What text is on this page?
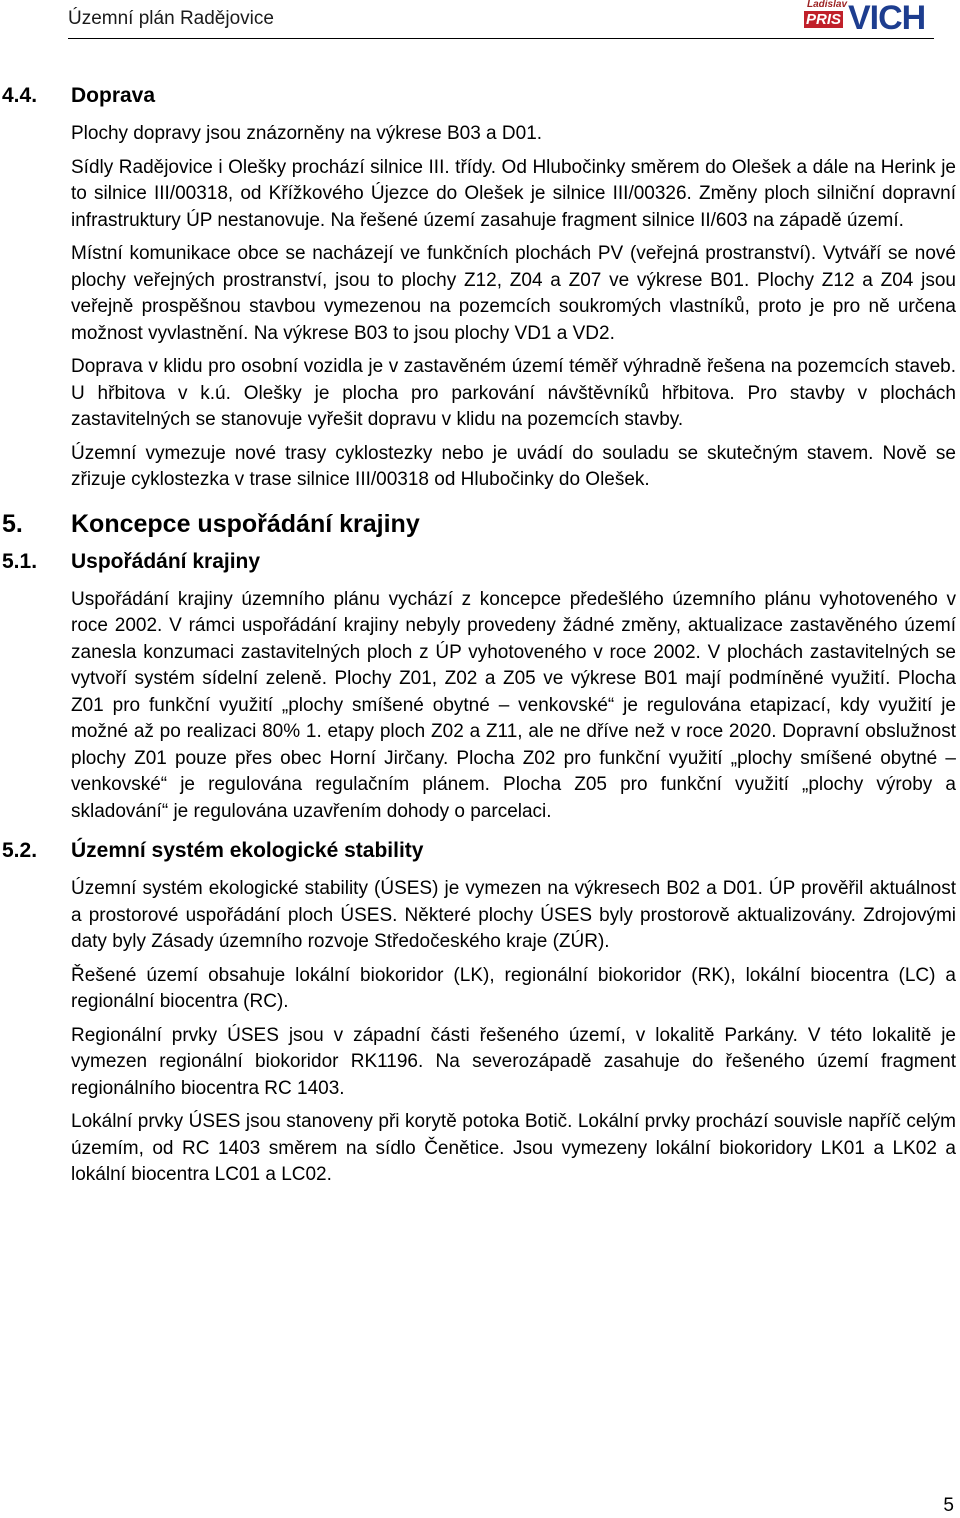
Územní plán Radějovice
Ladislav
PRIS VICH
4.4. Doprava

Plochy dopravy jsou znázorněny na výkrese B03 a D01.

Sídly Radějovice i Olešky prochází silnice III. třídy. Od Hlubočinky směrem do Olešek a dále na Herink je to silnice III/00318, od Křížkového Újezce do Olešek je silnice III/00326. Změny ploch silniční dopravní infrastruktury ÚP nestanovuje. Na řešené území zasahuje fragment silnice II/603 na západě území.

Místní komunikace obce se nacházejí ve funkčních plochách PV (veřejná prostranství). Vytváří se nové plochy veřejných prostranství, jsou to plochy Z12, Z04 a Z07 ve výkrese B01. Plochy Z12 a Z04 jsou veřejně prospěšnou stavbou vymezenou na pozemcích soukromých vlastníků, proto je pro ně určena možnost vyvlastnění. Na výkrese B03 to jsou plochy VD1 a VD2.

Doprava v klidu pro osobní vozidla je v zastavěném území téměř výhradně řešena na pozemcích staveb. U hřbitova v k.ú. Olešky je plocha pro parkování návštěvníků hřbitova. Pro stavby v plochách zastavitelných se stanovuje vyřešit dopravu v klidu na pozemcích stavby.

Územní vymezuje nové trasy cyklostezky nebo je uvádí do souladu se skutečným stavem. Nově se zřizuje cyklostezka v trase silnice III/00318 od Hlubočinky do Olešek.

5. Koncepce uspořádání krajiny
5.1. Uspořádání krajiny

Uspořádání krajiny územního plánu vychází z koncepce předešlého územního plánu vyhotoveného v roce 2002. V rámci uspořádání krajiny nebyly provedeny žádné změny, aktualizace zastavěného území zanesla konzumaci zastavitelných ploch z ÚP vyhotoveného v roce 2002. V plochách zastavitelných se vytvoří systém sídelní zeleně. Plochy Z01, Z02 a Z05 ve výkrese B01 mají podmíněné využití. Plocha Z01 pro funkční využití „plochy smíšené obytné – venkovské“ je regulována etapizací, kdy využití je možné až po realizaci 80% 1. etapy ploch Z02 a Z11, ale ne dříve než v roce 2020. Dopravní obslužnost plochy Z01 pouze přes obec Horní Jirčany. Plocha Z02 pro funkční využití „plochy smíšené obytné – venkovské“ je regulována regulačním plánem. Plocha Z05 pro funkční využití „plochy výroby a skladování“ je regulována uzavřením dohody o parcelaci.

5.2. Územní systém ekologické stability

Územní systém ekologické stability (ÚSES) je vymezen na výkresech B02 a D01. ÚP prověřil aktuálnost a prostorové uspořádání ploch ÚSES. Některé plochy ÚSES byly prostorově aktualizovány. Zdrojovými daty byly Zásady územního rozvoje Středočeského kraje (ZÚR).

Řešené území obsahuje lokální biokoridor (LK), regionální biokoridor (RK), lokální biocentra (LC) a regionální biocentra (RC).

Regionální prvky ÚSES jsou v západní části řešeného území, v lokalitě Parkány. V této lokalitě je vymezen regionální biokoridor RK1196. Na severozápadě zasahuje do řešeného území fragment regionálního biocentra RC 1403.

Lokální prvky ÚSES jsou stanoveny při korytě potoka Botič. Lokální prvky prochází souvisle napříč celým územím, od RC 1403 směrem na sídlo Čenětice. Jsou vymezeny lokální biokoridory LK01 a LK02 a lokální biocentra LC01 a LC02.

5
